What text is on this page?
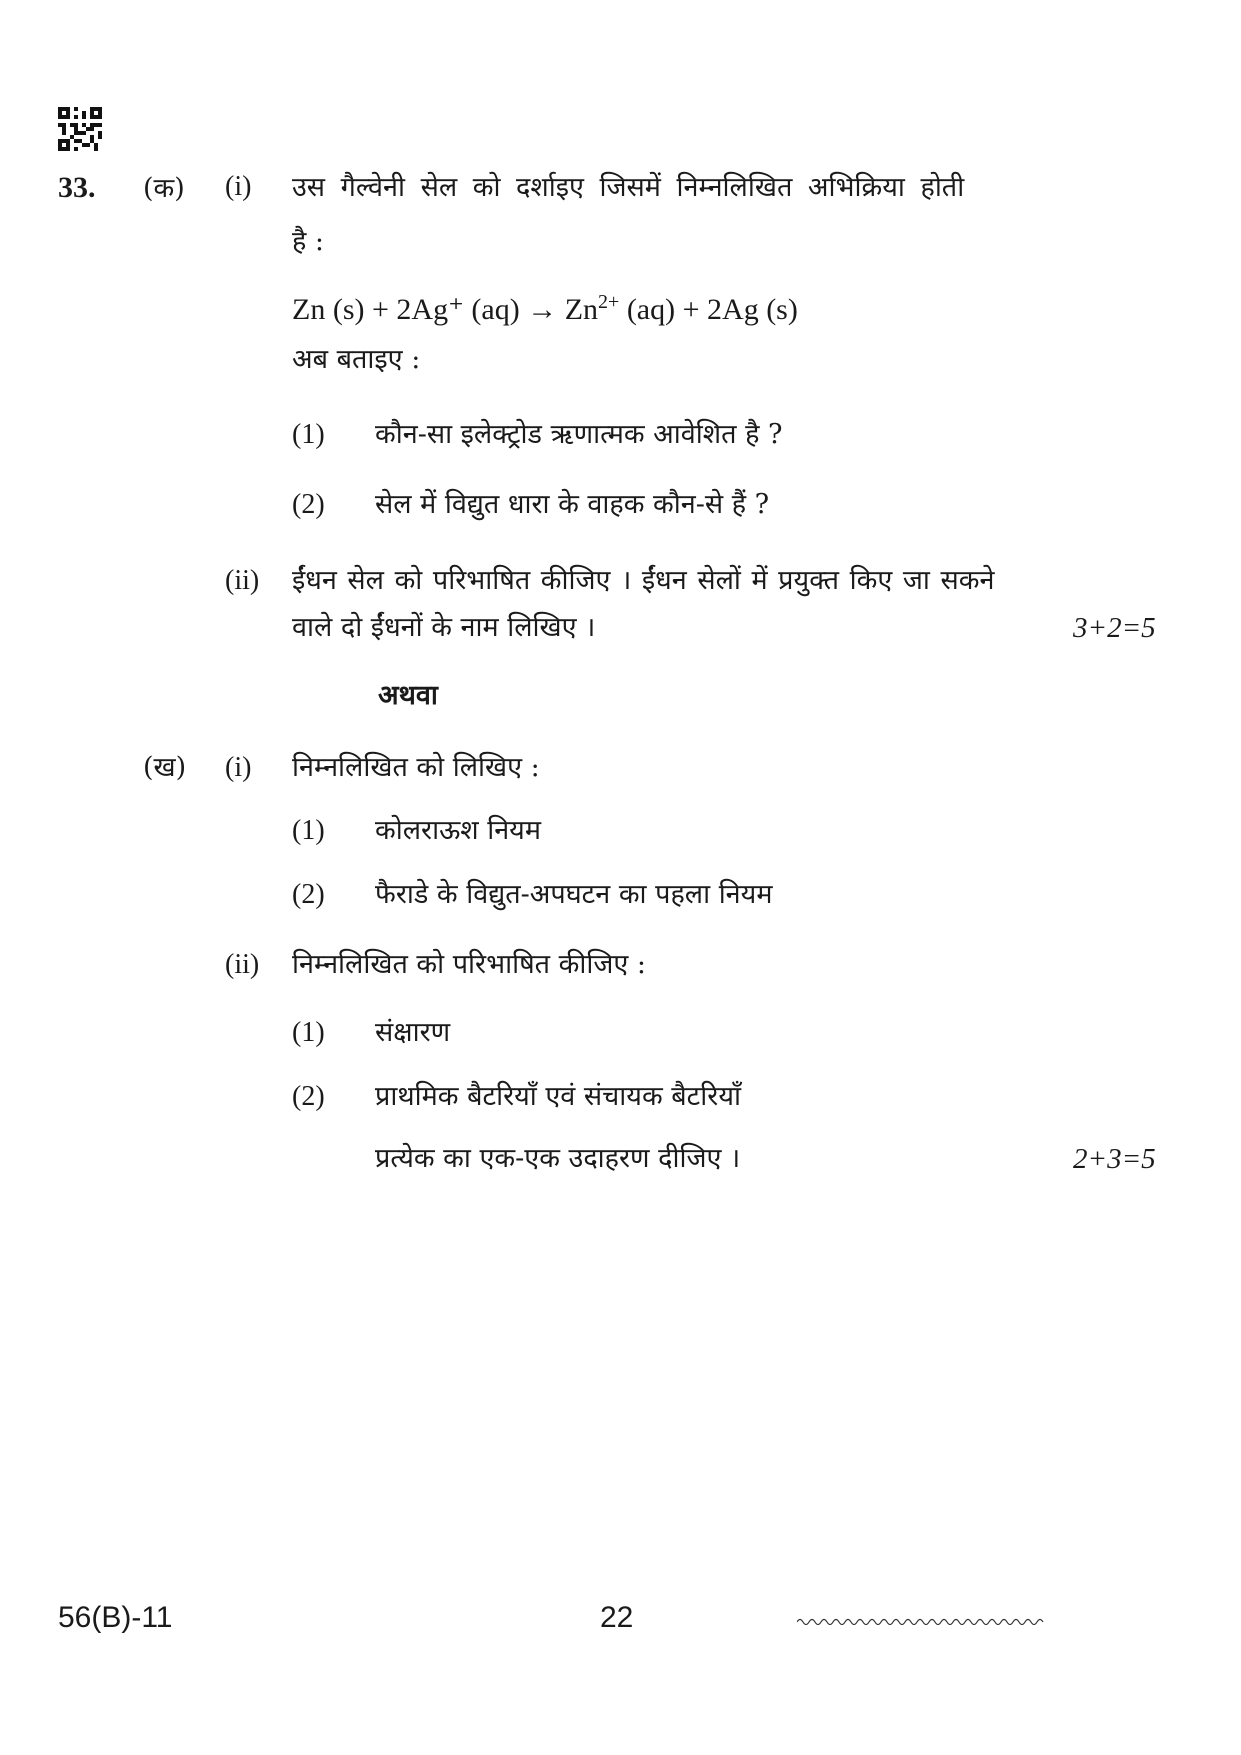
33. (क) (i) उस गैल्वेनी सेल को दर्शाइए जिसमें निम्नलिखित अभिक्रिया होती
है :
Zn (s) + 2Ag⁺ $(aq) \to Zn^{2+}$ (aq) + 2Ag (s)
अब बताइए :
(1) कौन-सा इलेक्ट्रोड ऋणात्मक आवेशित है ?
(2) सेल में विद्युत धारा के वाहक कौन-से हैं ?
(ii) ईंधन सेल को परिभाषित कीजिए । ईंधन सेलों में प्रयुक्त किए जा सकने
वाले दो ईंधनों के नाम लिखिए ।	3+2=5
अथवा
(ख) (i) निम्नलिखित को लिखिए :
(1) कोलराऊश नियम
(2) फैराडे के विद्युत-अपघटन का पहला नियम
(ii) निम्नलिखित को परिभाषित कीजिए :
(1) संक्षारण
(2) प्राथमिक बैटरियाँ एवं संचायक बैटरियाँ
प्रत्येक का एक-एक उदाहरण दीजिए ।	2+3=5
56(B)-11	22
